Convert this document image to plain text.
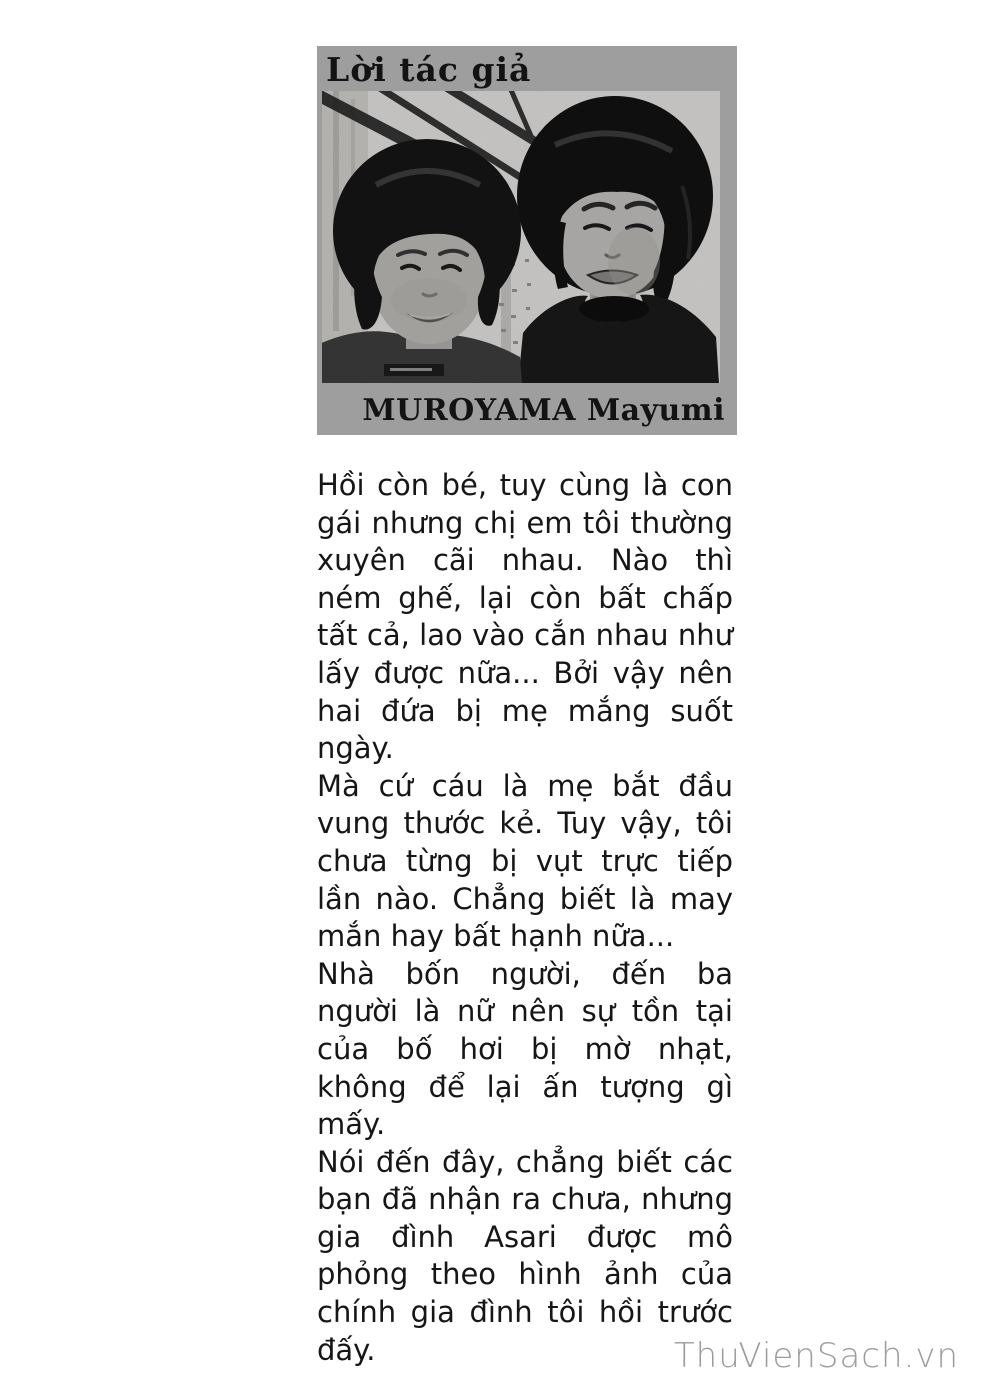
Lời tác giả
MUROYAMA Mayumi

Hồi còn bé, tuy cùng là con gái nhưng chị em tôi thường xuyên cãi nhau. Nào thì ném ghế, lại còn bất chấp tất cả, lao vào cắn nhau như lấy được nữa... Bởi vậy nên hai đứa bị mẹ mắng suốt ngày.

Mà cứ cáu là mẹ bắt đầu vung thước kẻ. Tuy vậy, tôi chưa từng bị vụt trực tiếp lần nào. Chẳng biết là may mắn hay bất hạnh nữa...

Nhà bốn người, đến ba người là nữ nên sự tồn tại của bố hơi bị mờ nhạt, không để lại ấn tượng gì mấy.

Nói đến đây, chẳng biết các bạn đã nhận ra chưa, nhưng gia đình Asari được mô phỏng theo hình ảnh của chính gia đình tôi hồi trước đấy.	ThuVienSach.vn
